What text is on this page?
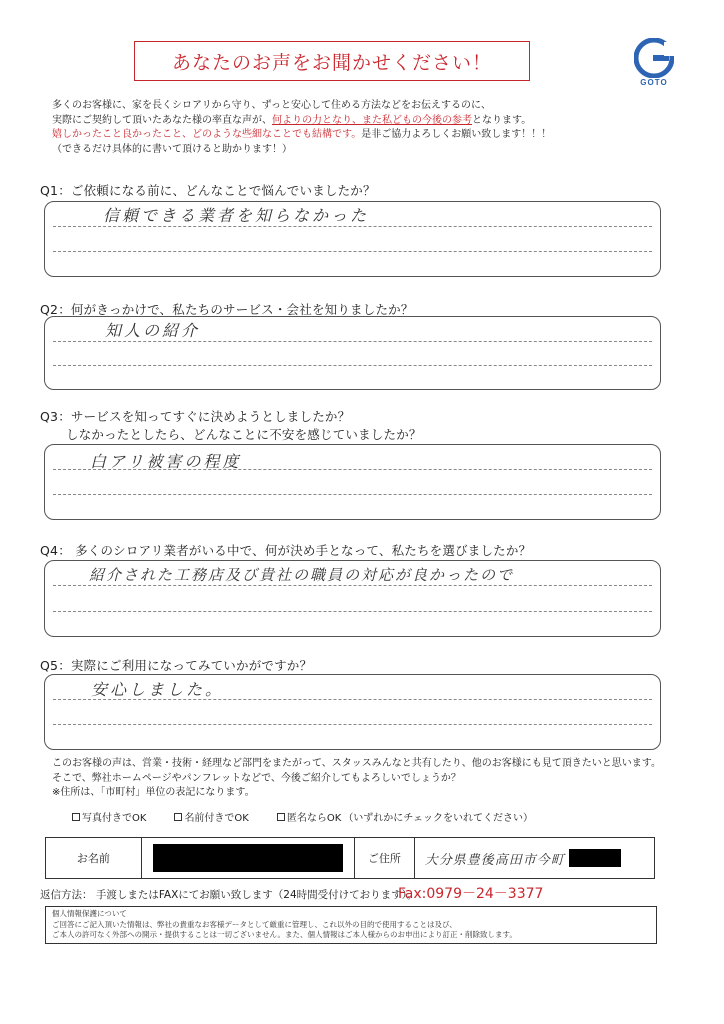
あなたのお声をお聞かせください！
GOTO
多くのお客様に、家を長くシロアリから守り、ずっと安心して住める方法などをお伝えするのに、
実際にご契約して頂いたあなた様の率直な声が、何よりの力となり、また私どもの今後の参考となります。
嬉しかったこと良かったこと、どのような些細なことでも結構です。是非ご協力よろしくお願い致します！！！
（できるだけ具体的に書いて頂けると助かります！）
Q1：ご依頼になる前に、どんなことで悩んでいましたか？
信頼できる業者を知らなかった
Q2：何がきっかけで、私たちのサービス・会社を知りましたか？
知人の紹介
Q3：サービスを知ってすぐに決めようとしましたか？
しなかったとしたら、どんなことに不安を感じていましたか？
白アリ被害の程度
Q4： 多くのシロアリ業者がいる中で、何が決め手となって、私たちを選びましたか？
紹介された工務店及び貴社の職員の対応が良かったので
Q5：実際にご利用になってみていかがですか？
安心しました。
このお客様の声は、営業・技術・経理など部門をまたがって、スタッスみんなと共有したり、他のお客様にも見て頂きたいと思います。
そこで、弊社ホームページやパンフレットなどで、今後ご紹介してもよろしいでしょうか？
※住所は、「市町村」単位の表記になります。
写真付きでOK	名前付きでOK	匿名ならOK （いずれかにチェックをいれてください）
お名前	ご住所	大分県豊後高田市今町
返信方法： 手渡しまたはFAXにてお願い致します（24時間受付けております）。
Fax:0979－24－3377
個人情報保護について
ご回答にご記入頂いた情報は、弊社の貴重なお客様データとして厳重に管理し、これ以外の目的で使用することは及び、
ご本人の許可なく外部への開示・提供することは一切ございません。また、個人情報はご本人様からのお申出により訂正・削除致します。
